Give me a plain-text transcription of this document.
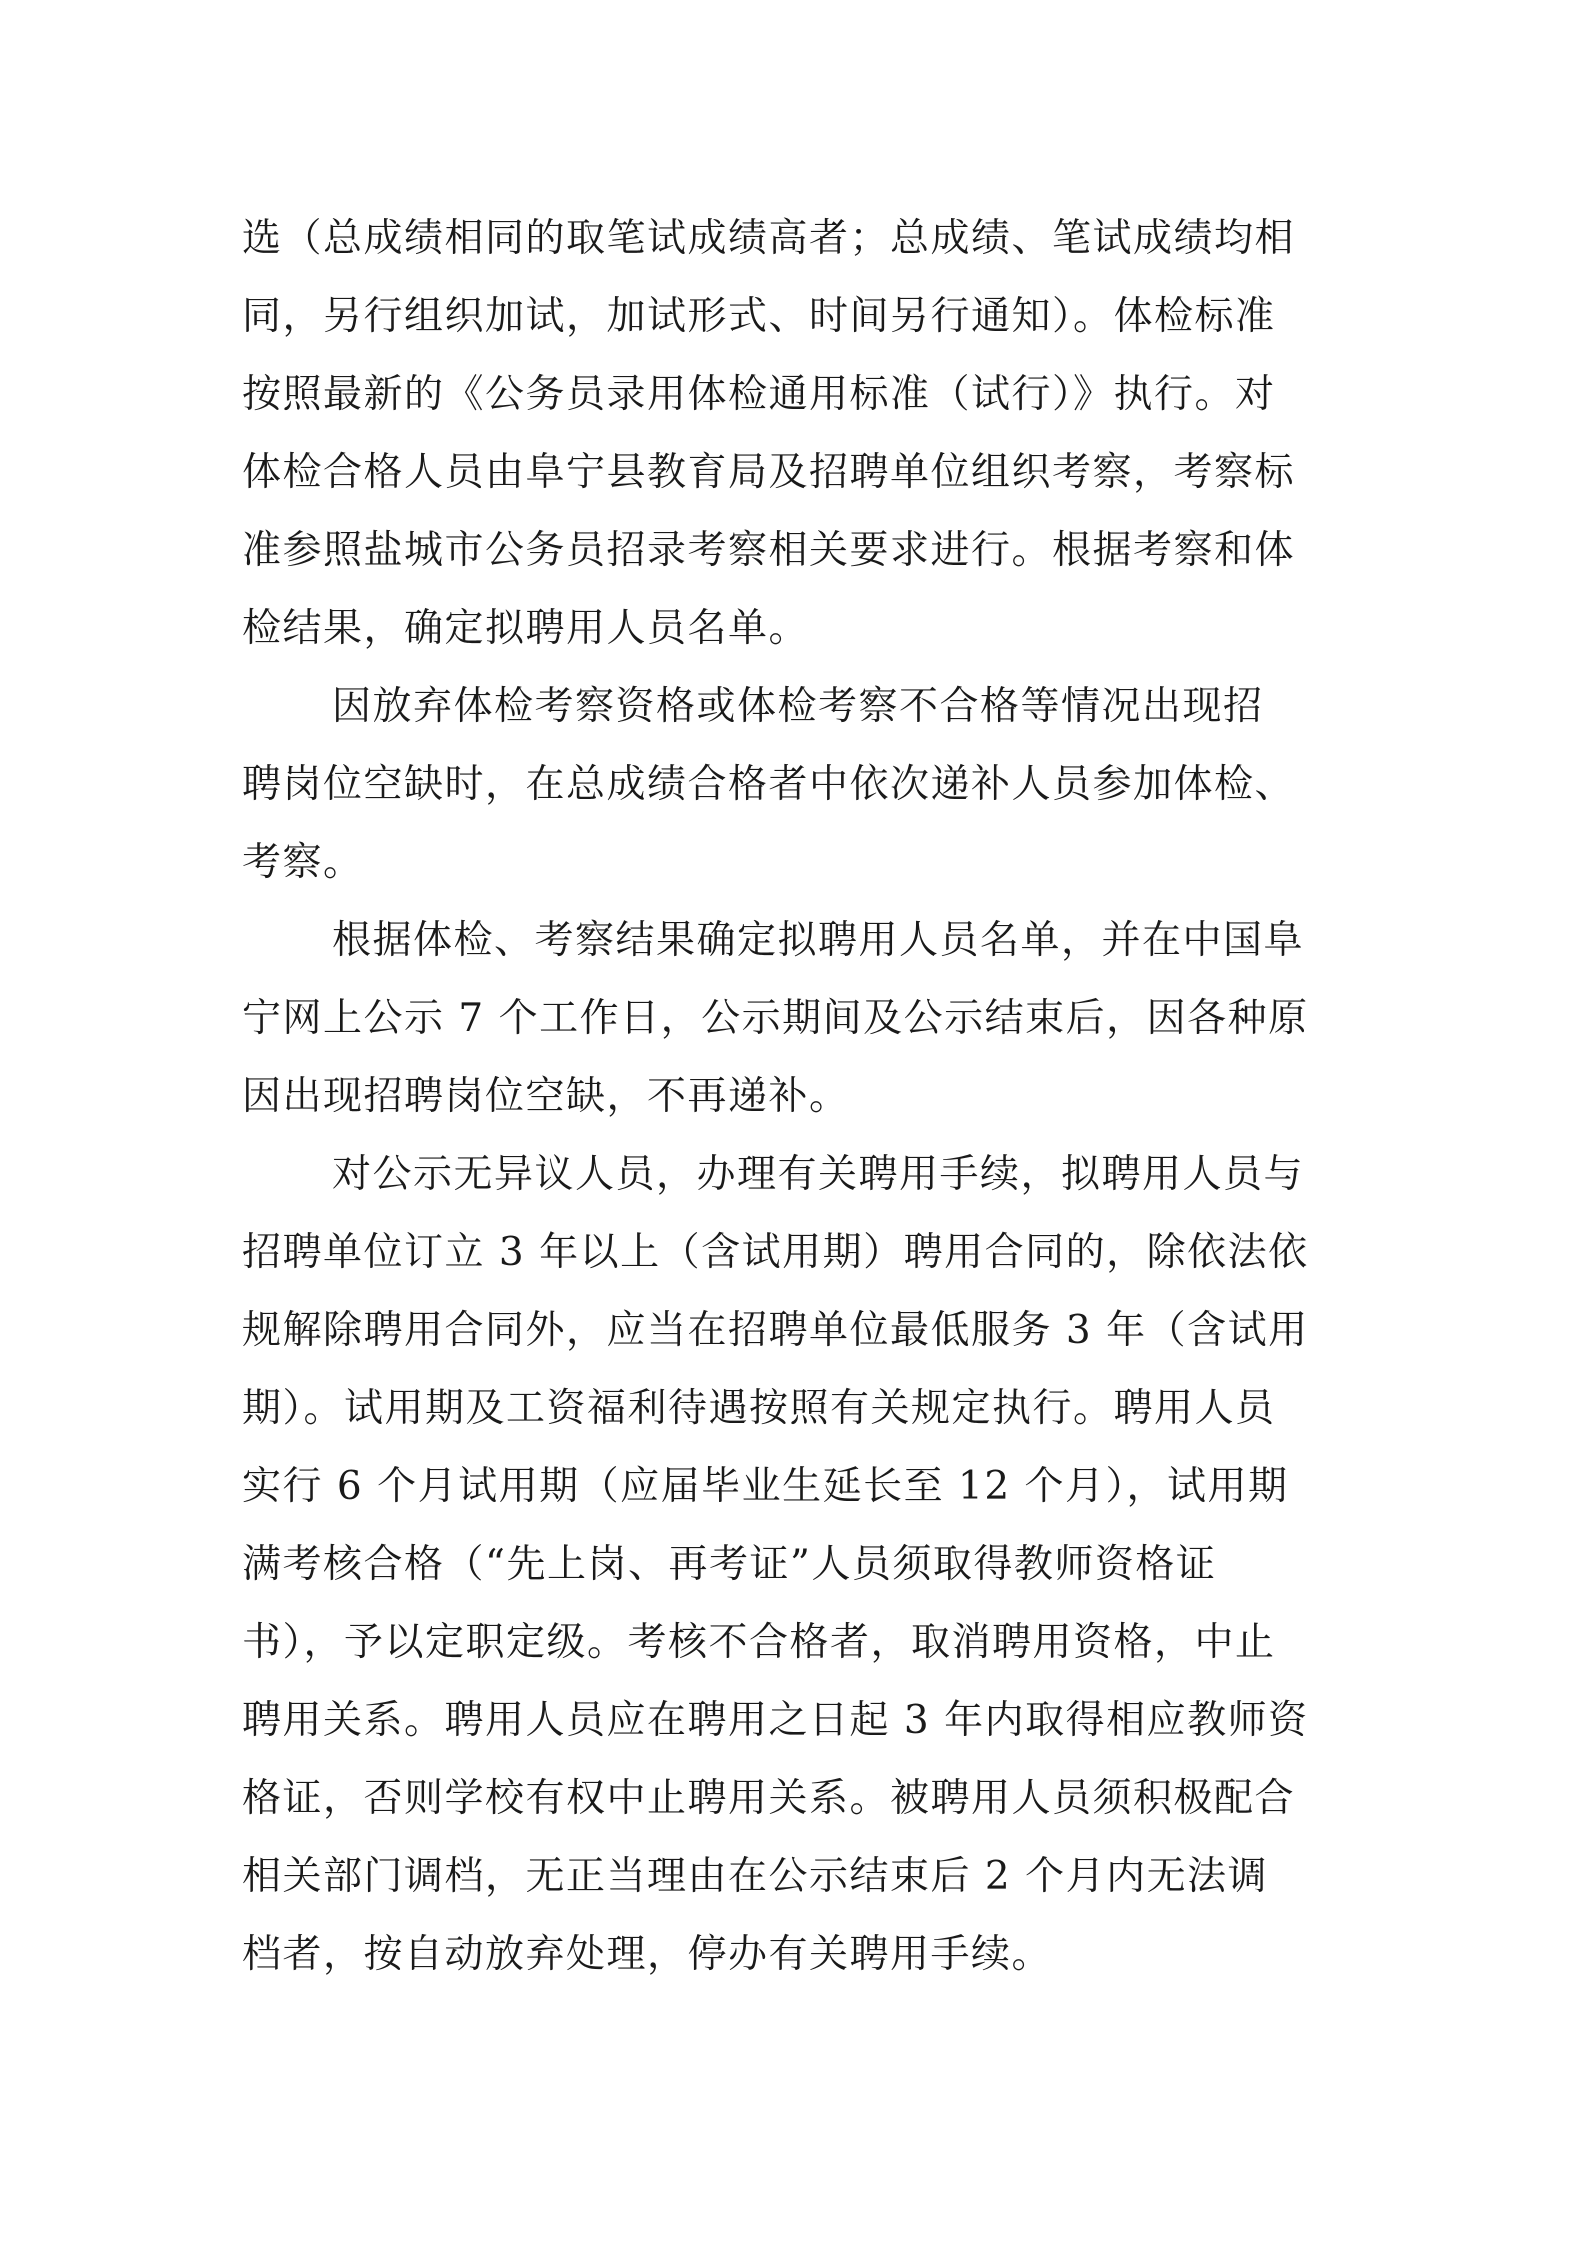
选（总成绩相同的取笔试成绩高者；总成绩、笔试成绩均相
同，另行组织加试，加试形式、时间另行通知）。体检标准
按照最新的《公务员录用体检通用标准（试行）》执行。对
体检合格人员由阜宁县教育局及招聘单位组织考察，考察标
准参照盐城市公务员招录考察相关要求进行。根据考察和体
检结果，确定拟聘用人员名单。
因放弃体检考察资格或体检考察不合格等情况出现招
聘岗位空缺时，在总成绩合格者中依次递补人员参加体检、
考察。
根据体检、考察结果确定拟聘用人员名单，并在中国阜
宁网上公示 7 个工作日，公示期间及公示结束后，因各种原
因出现招聘岗位空缺，不再递补。
对公示无异议人员，办理有关聘用手续，拟聘用人员与
招聘单位订立 3 年以上（含试用期）聘用合同的，除依法依
规解除聘用合同外，应当在招聘单位最低服务 3 年（含试用
期）。试用期及工资福利待遇按照有关规定执行。聘用人员
实行 6 个月试用期（应届毕业生延长至 12 个月），试用期
满考核合格（“先上岗、再考证”人员须取得教师资格证
书），予以定职定级。考核不合格者，取消聘用资格，中止
聘用关系。聘用人员应在聘用之日起 3 年内取得相应教师资
格证，否则学校有权中止聘用关系。被聘用人员须积极配合
相关部门调档，无正当理由在公示结束后 2 个月内无法调
档者，按自动放弃处理，停办有关聘用手续。
